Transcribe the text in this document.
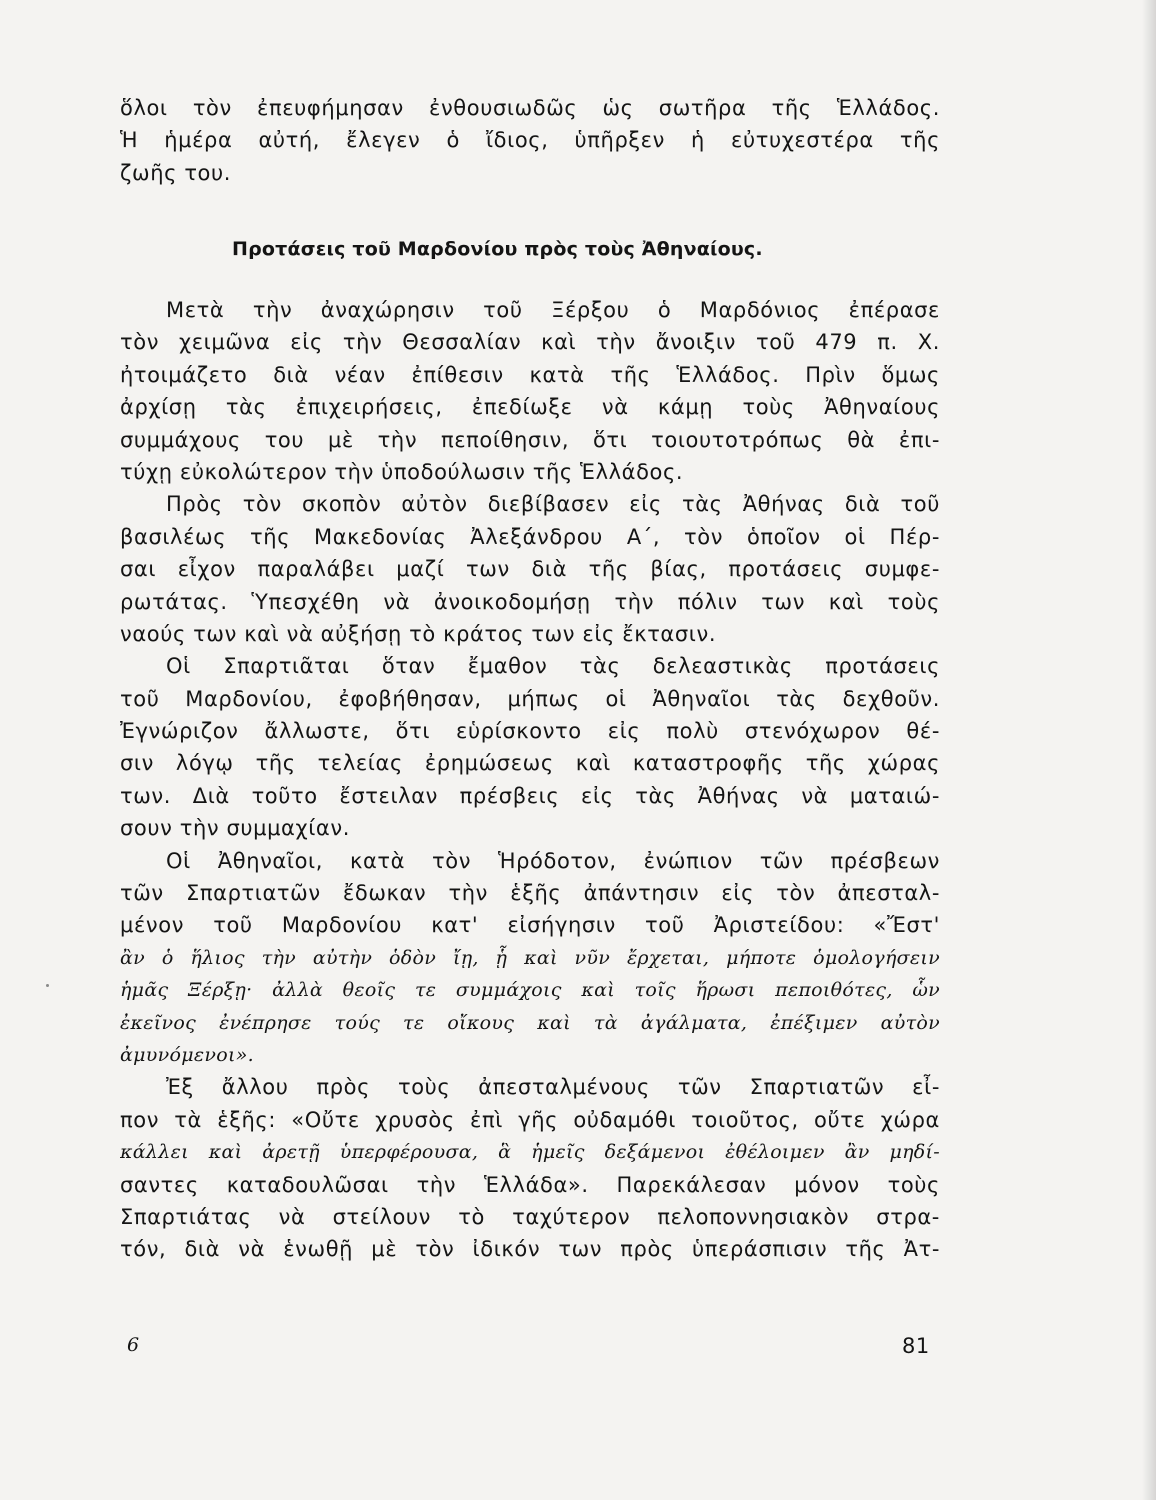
ὅλοι τὸν ἐπευφήμησαν ἐνθουσιωδῶς ὡς σωτῆρα τῆς Ἑλλάδος.
Ἡ ἡμέρα αὐτή, ἔλεγεν ὁ ἴδιος, ὑπῆρξεν ἡ εὐτυχεστέρα τῆς
ζωῆς του.
Προτάσεις τοῦ Μαρδονίου πρὸς τοὺς Ἀθηναίους.
Μετὰ τὴν ἀναχώρησιν τοῦ Ξέρξου ὁ Μαρδόνιος ἐπέρασε
τὸν χειμῶνα εἰς τὴν Θεσσαλίαν καὶ τὴν ἄνοιξιν τοῦ 479 π. Χ.
ἠτοιμάζετο διὰ νέαν ἐπίθεσιν κατὰ τῆς Ἑλλάδος. Πρὶν ὅμως
ἀρχίσῃ τὰς ἐπιχειρήσεις, ἐπεδίωξε νὰ κάμῃ τοὺς Ἀθηναίους
συμμάχους του μὲ τὴν πεποίθησιν, ὅτι τοιουτοτρόπως θὰ ἐπι-
τύχῃ εὐκολώτερον τὴν ὑποδούλωσιν τῆς Ἑλλάδος.
Πρὸς τὸν σκοπὸν αὐτὸν διεβίβασεν εἰς τὰς Ἀθήνας διὰ τοῦ
βασιλέως τῆς Μακεδονίας Ἀλεξάνδρου Α΄, τὸν ὁποῖον οἱ Πέρ-
σαι εἶχον παραλάβει μαζί των διὰ τῆς βίας, προτάσεις συμφε-
ρωτάτας. Ὑπεσχέθη νὰ ἀνοικοδομήσῃ τὴν πόλιν των καὶ τοὺς
ναούς των καὶ νὰ αὐξήσῃ τὸ κράτος των εἰς ἔκτασιν.
Οἱ Σπαρτιᾶται ὅταν ἔμαθον τὰς δελεαστικὰς προτάσεις
τοῦ Μαρδονίου, ἐφοβήθησαν, μήπως οἱ Ἀθηναῖοι τὰς δεχθοῦν.
Ἐγνώριζον ἄλλωστε, ὅτι εὑρίσκοντο εἰς πολὺ στενόχωρον θέ-
σιν λόγῳ τῆς τελείας ἐρημώσεως καὶ καταστροφῆς τῆς χώρας
των. Διὰ τοῦτο ἔστειλαν πρέσβεις εἰς τὰς Ἀθήνας νὰ ματαιώ-
σουν τὴν συμμαχίαν.
Οἱ Ἀθηναῖοι, κατὰ τὸν Ἡρόδοτον, ἐνώπιον τῶν πρέσβεων
τῶν Σπαρτιατῶν ἔδωκαν τὴν ἑξῆς ἀπάντησιν εἰς τὸν ἀπεσταλ-
μένον τοῦ Μαρδονίου κατ' εἰσήγησιν τοῦ Ἀριστείδου: «Ἔστ'
ἂν ὁ ἥλιος τὴν αὐτὴν ὁδὸν ἴῃ, ᾗ καὶ νῦν ἔρχεται, μήποτε ὁμολογήσειν
ἡμᾶς Ξέρξῃ· ἀλλὰ θεοῖς τε συμμάχοις καὶ τοῖς ἥρωσι πεποιθότες, ὧν
ἐκεῖνος ἐνέπρησε τούς τε οἴκους καὶ τὰ ἀγάλματα, ἐπέξιμεν αὐτὸν
ἀμυνόμενοι».
Ἐξ ἄλλου πρὸς τοὺς ἀπεσταλμένους τῶν Σπαρτιατῶν εἶ-
πον τὰ ἑξῆς: «Οὔτε χρυσὸς ἐπὶ γῆς οὐδαμόθι τοιοῦτος, οὔτε χώρα
κάλλει καὶ ἀρετῇ ὑπερφέρουσα, ἃ ἡμεῖς δεξάμενοι ἐθέλοιμεν ἂν μηδί-
σαντες καταδουλῶσαι τὴν Ἑλλάδα». Παρεκάλεσαν μόνον τοὺς
Σπαρτιάτας νὰ στείλουν τὸ ταχύτερον πελοποννησιακὸν στρα-
τόν, διὰ νὰ ἑνωθῇ μὲ τὸν ἰδικόν των πρὸς ὑπεράσπισιν τῆς Ἀτ-
6	81
